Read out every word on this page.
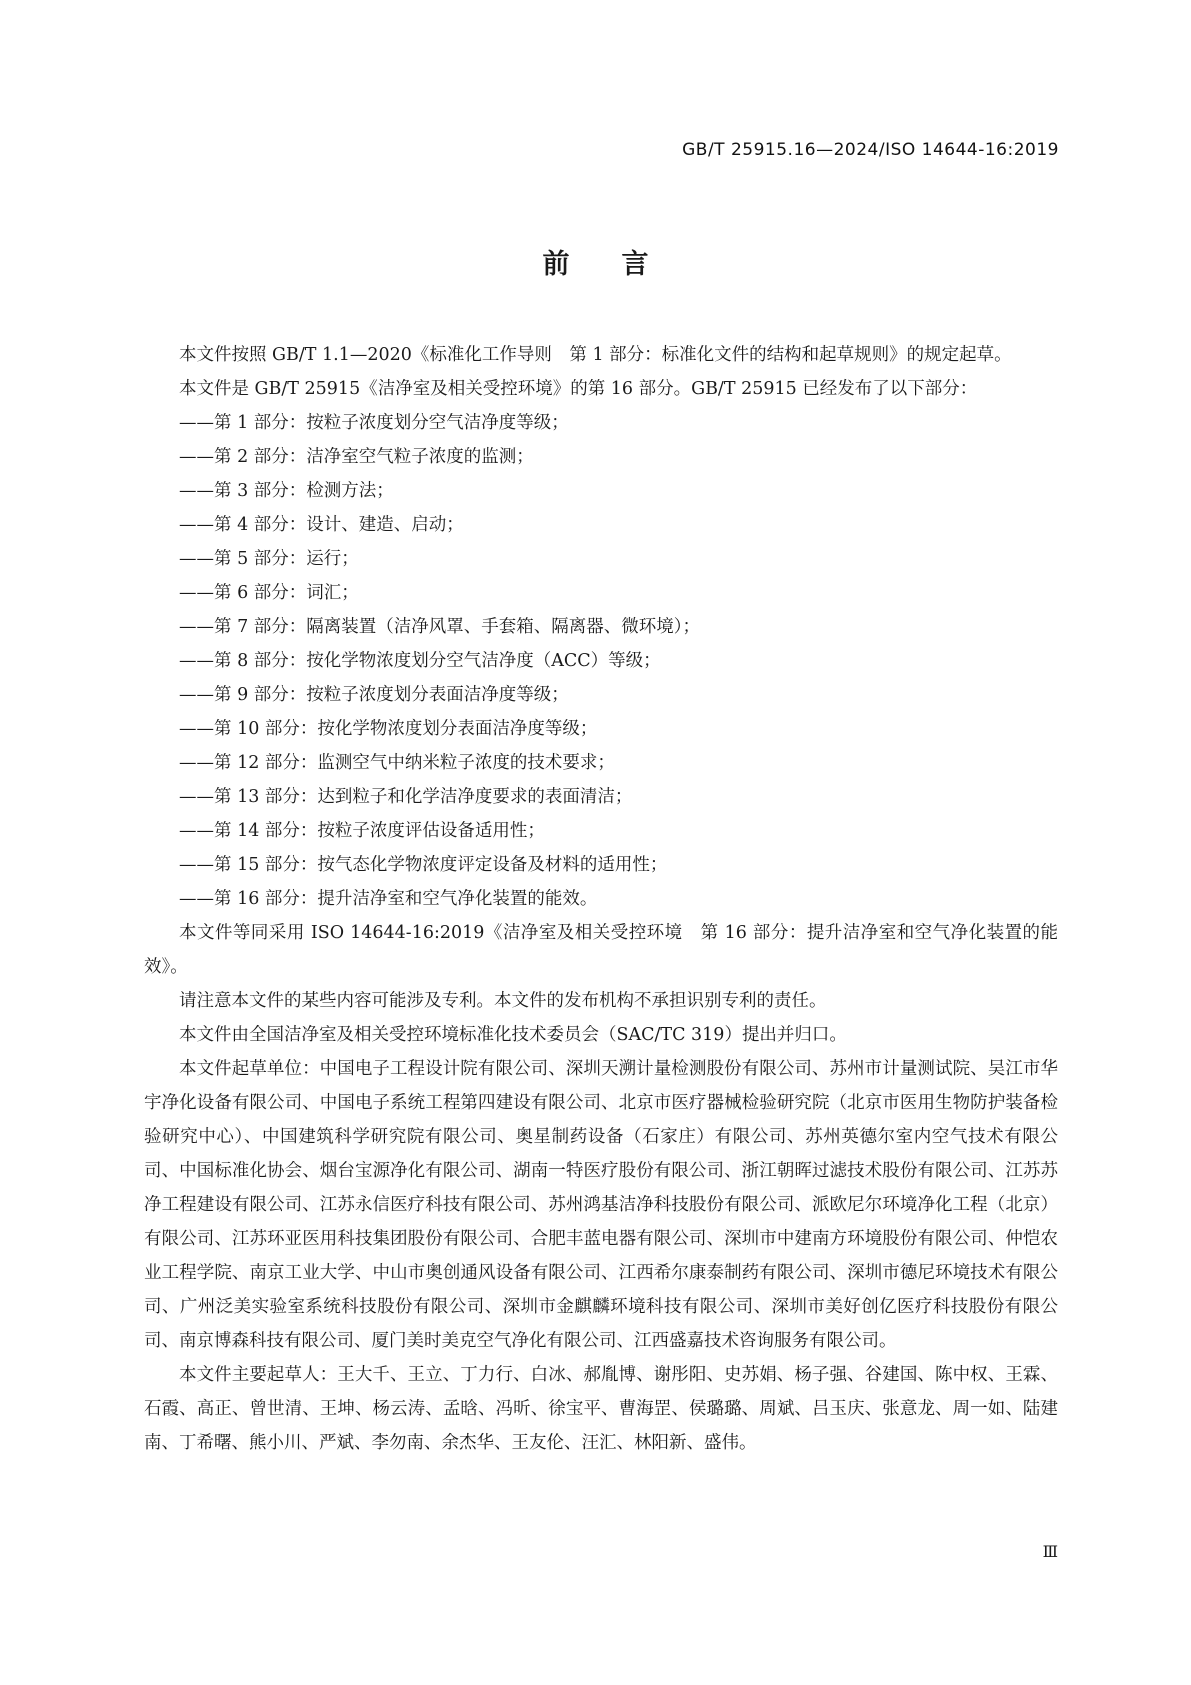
GB/T 25915.16—2024/ISO 14644-16:2019
前言

本文件按照 GB/T 1.1—2020《标准化工作导则　第 1 部分：标准化文件的结构和起草规则》的规定起草。

本文件是 GB/T 25915《洁净室及相关受控环境》的第 16 部分。GB/T 25915 已经发布了以下部分：

——第 1 部分：按粒子浓度划分空气洁净度等级；
——第 2 部分：洁净室空气粒子浓度的监测；
——第 3 部分：检测方法；
——第 4 部分：设计、建造、启动；
——第 5 部分：运行；
——第 6 部分：词汇；
——第 7 部分：隔离装置（洁净风罩、手套箱、隔离器、微环境）；
——第 8 部分：按化学物浓度划分空气洁净度（ACC）等级；
——第 9 部分：按粒子浓度划分表面洁净度等级；
——第 10 部分：按化学物浓度划分表面洁净度等级；
——第 12 部分：监测空气中纳米粒子浓度的技术要求；
——第 13 部分：达到粒子和化学洁净度要求的表面清洁；
——第 14 部分：按粒子浓度评估设备适用性；
——第 15 部分：按气态化学物浓度评定设备及材料的适用性；
——第 16 部分：提升洁净室和空气净化装置的能效。

本文件等同采用 ISO 14644-16:2019《洁净室及相关受控环境　第 16 部分：提升洁净室和空气净化装置的能效》。

请注意本文件的某些内容可能涉及专利。本文件的发布机构不承担识别专利的责任。

本文件由全国洁净室及相关受控环境标准化技术委员会（SAC/TC 319）提出并归口。

本文件起草单位：中国电子工程设计院有限公司、深圳天溯计量检测股份有限公司、苏州市计量测试院、吴江市华宇净化设备有限公司、中国电子系统工程第四建设有限公司、北京市医疗器械检验研究院（北京市医用生物防护装备检验研究中心）、中国建筑科学研究院有限公司、奥星制药设备（石家庄）有限公司、苏州英德尔室内空气技术有限公司、中国标准化协会、烟台宝源净化有限公司、湖南一特医疗股份有限公司、浙江朝晖过滤技术股份有限公司、江苏苏净工程建设有限公司、江苏永信医疗科技有限公司、苏州鸿基洁净科技股份有限公司、派欧尼尔环境净化工程（北京）有限公司、江苏环亚医用科技集团股份有限公司、合肥丰蓝电器有限公司、深圳市中建南方环境股份有限公司、仲恺农业工程学院、南京工业大学、中山市奥创通风设备有限公司、江西希尔康泰制药有限公司、深圳市德尼环境技术有限公司、广州泛美实验室系统科技股份有限公司、深圳市金麒麟环境科技有限公司、深圳市美好创亿医疗科技股份有限公司、南京博森科技有限公司、厦门美时美克空气净化有限公司、江西盛嘉技术咨询服务有限公司。

本文件主要起草人：王大千、王立、丁力行、白冰、郝胤博、谢彤阳、史苏娟、杨子强、谷建国、陈中权、王霖、石霞、高正、曾世清、王坤、杨云涛、孟晗、冯昕、徐宝平、曹海罡、侯璐璐、周斌、吕玉庆、张意龙、周一如、陆建南、丁希曙、熊小川、严斌、李勿南、余杰华、王友伦、汪汇、林阳新、盛伟。

Ⅲ
